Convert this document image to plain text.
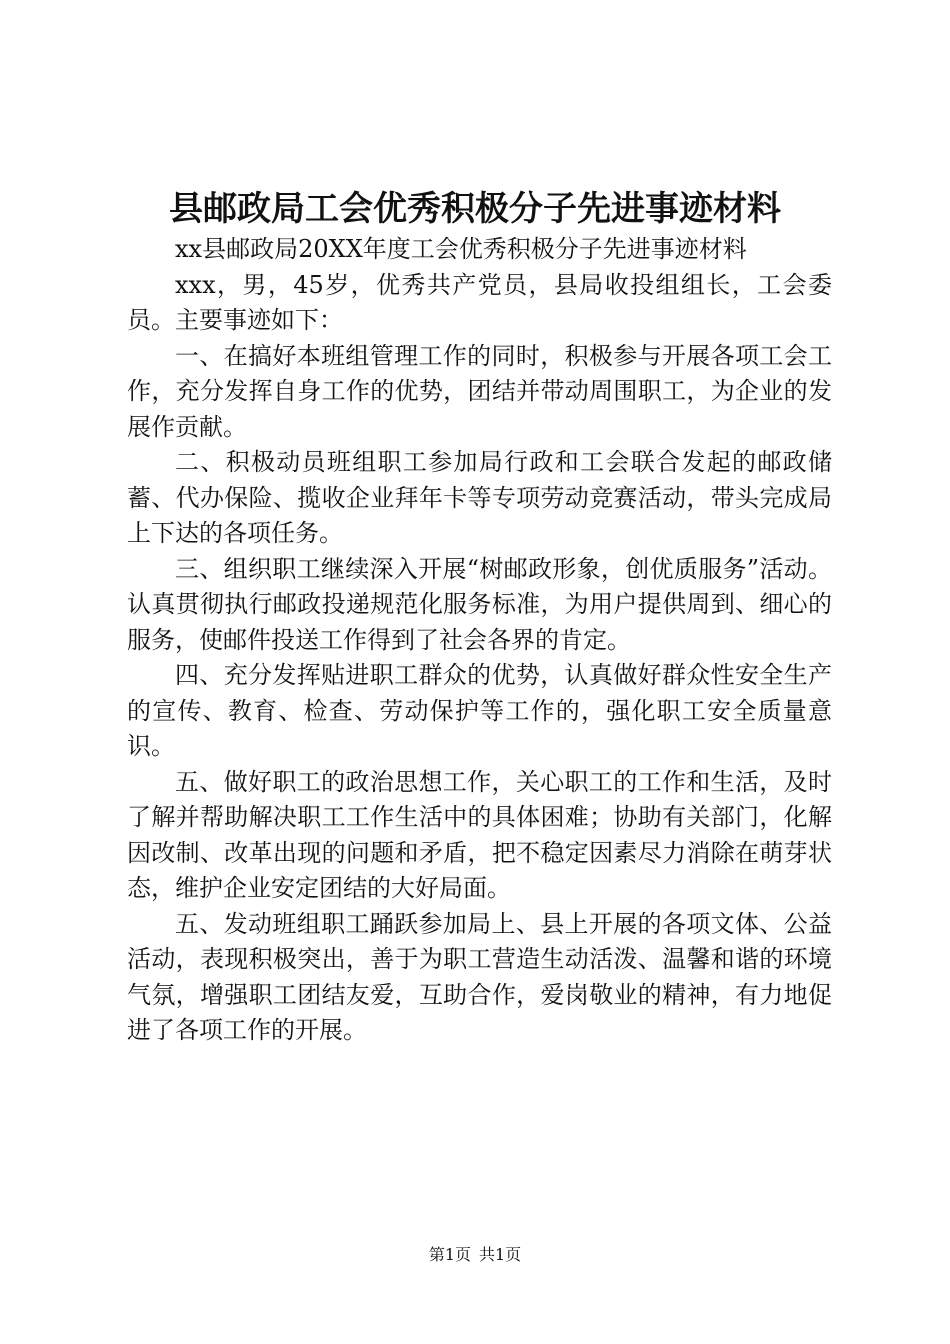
县邮政局工会优秀积极分子先进事迹材料

xx县邮政局20XX年度工会优秀积极分子先进事迹材料

xxx，男，45岁，优秀共产党员，县局收投组组长，工会委员。主要事迹如下：

一、在搞好本班组管理工作的同时，积极参与开展各项工会工作，充分发挥自身工作的优势，团结并带动周围职工，为企业的发展作贡献。

二、积极动员班组职工参加局行政和工会联合发起的邮政储蓄、代办保险、揽收企业拜年卡等专项劳动竞赛活动，带头完成局上下达的各项任务。

三、组织职工继续深入开展“树邮政形象，创优质服务”活动。认真贯彻执行邮政投递规范化服务标准，为用户提供周到、细心的服务，使邮件投送工作得到了社会各界的肯定。

四、充分发挥贴进职工群众的优势，认真做好群众性安全生产的宣传、教育、检查、劳动保护等工作的，强化职工安全质量意识。

五、做好职工的政治思想工作，关心职工的工作和生活，及时了解并帮助解决职工工作生活中的具体困难；协助有关部门，化解因改制、改革出现的问题和矛盾，把不稳定因素尽力消除在萌芽状态，维护企业安定团结的大好局面。

五、发动班组职工踊跃参加局上、县上开展的各项文体、公益活动，表现积极突出，善于为职工营造生动活泼、温馨和谐的环境气氛，增强职工团结友爱，互助合作，爱岗敬业的精神，有力地促进了各项工作的开展。

第1页 共1页
